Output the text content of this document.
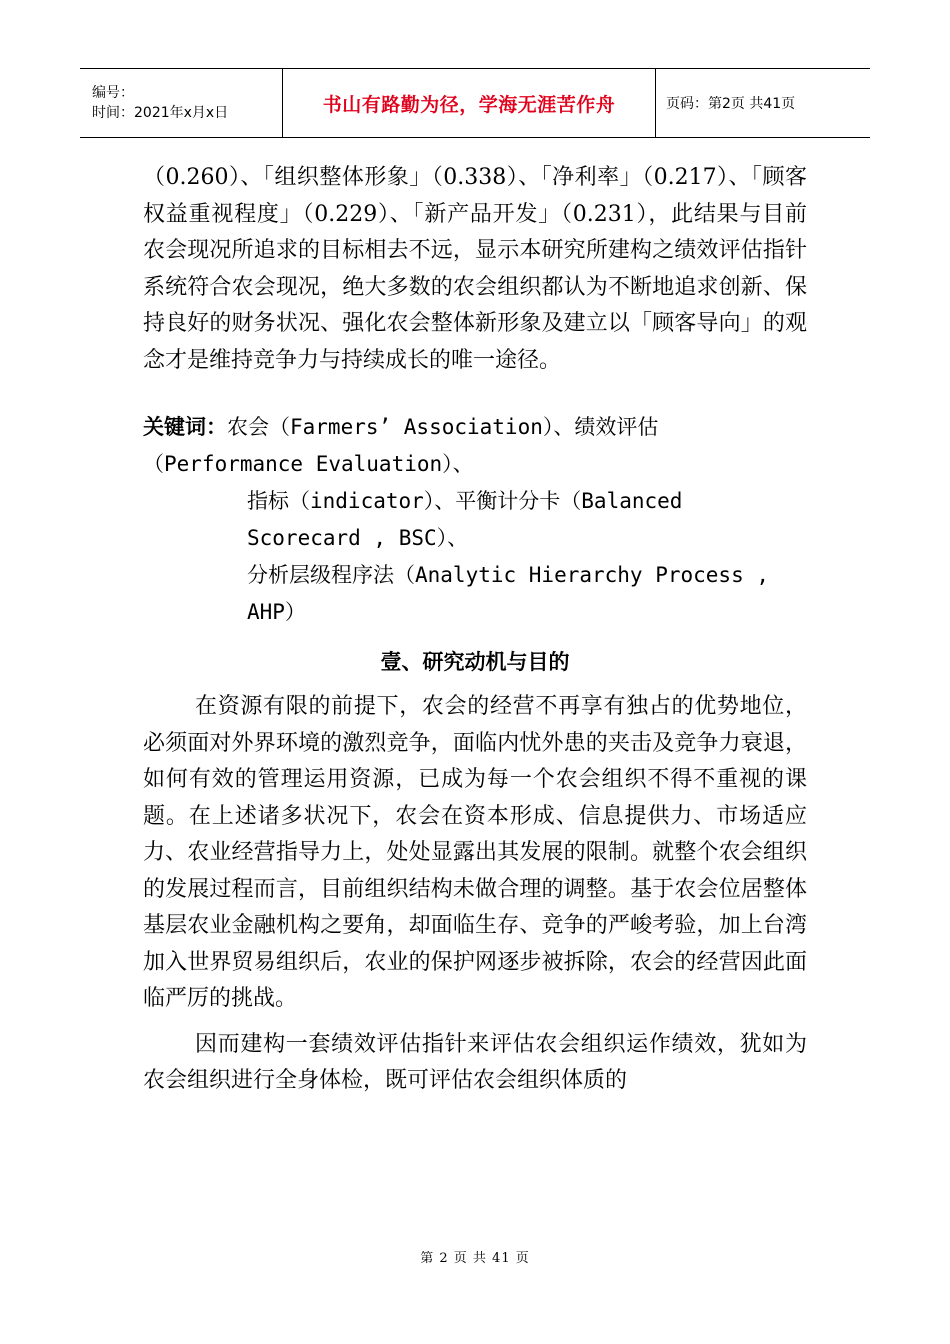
编号：
时间：2021年x月x日	书山有路勤为径，学海无涯苦作舟	页码：第2页 共41页

（0.260）、「组织整体形象」（0.338）、「净利率」（0.217）、「顾客权益重视程度」（0.229）、「新产品开发」（0.231），此结果与目前农会现况所追求的目标相去不远，显示本研究所建构之绩效评估指针系统符合农会现况，绝大多数的农会组织都认为不断地追求创新、保持良好的财务状况、强化农会整体新形象及建立以「顾客导向」的观念才是维持竞争力与持续成长的唯一途径。

关键词：农会（Farmers’ Association）、绩效评估（Performance Evaluation）、

指标（indicator）、平衡计分卡（Balanced Scorecard , BSC）、

分析层级程序法（Analytic Hierarchy Process , AHP）

壹、研究动机与目的

在资源有限的前提下，农会的经营不再享有独占的优势地位，必须面对外界环境的激烈竞争，面临内忧外患的夹击及竞争力衰退，如何有效的管理运用资源，已成为每一个农会组织不得不重视的课题。在上述诸多状况下，农会在资本形成、信息提供力、市场适应力、农业经营指导力上，处处显露出其发展的限制。就整个农会组织的发展过程而言，目前组织结构未做合理的调整。基于农会位居整体基层农业金融机构之要角，却面临生存、竞争的严峻考验，加上台湾加入世界贸易组织后，农业的保护网逐步被拆除，农会的经营因此面临严厉的挑战。

因而建构一套绩效评估指针来评估农会组织运作绩效，犹如为农会组织进行全身体检，既可评估农会组织体质的

第 2 页 共 41 页
